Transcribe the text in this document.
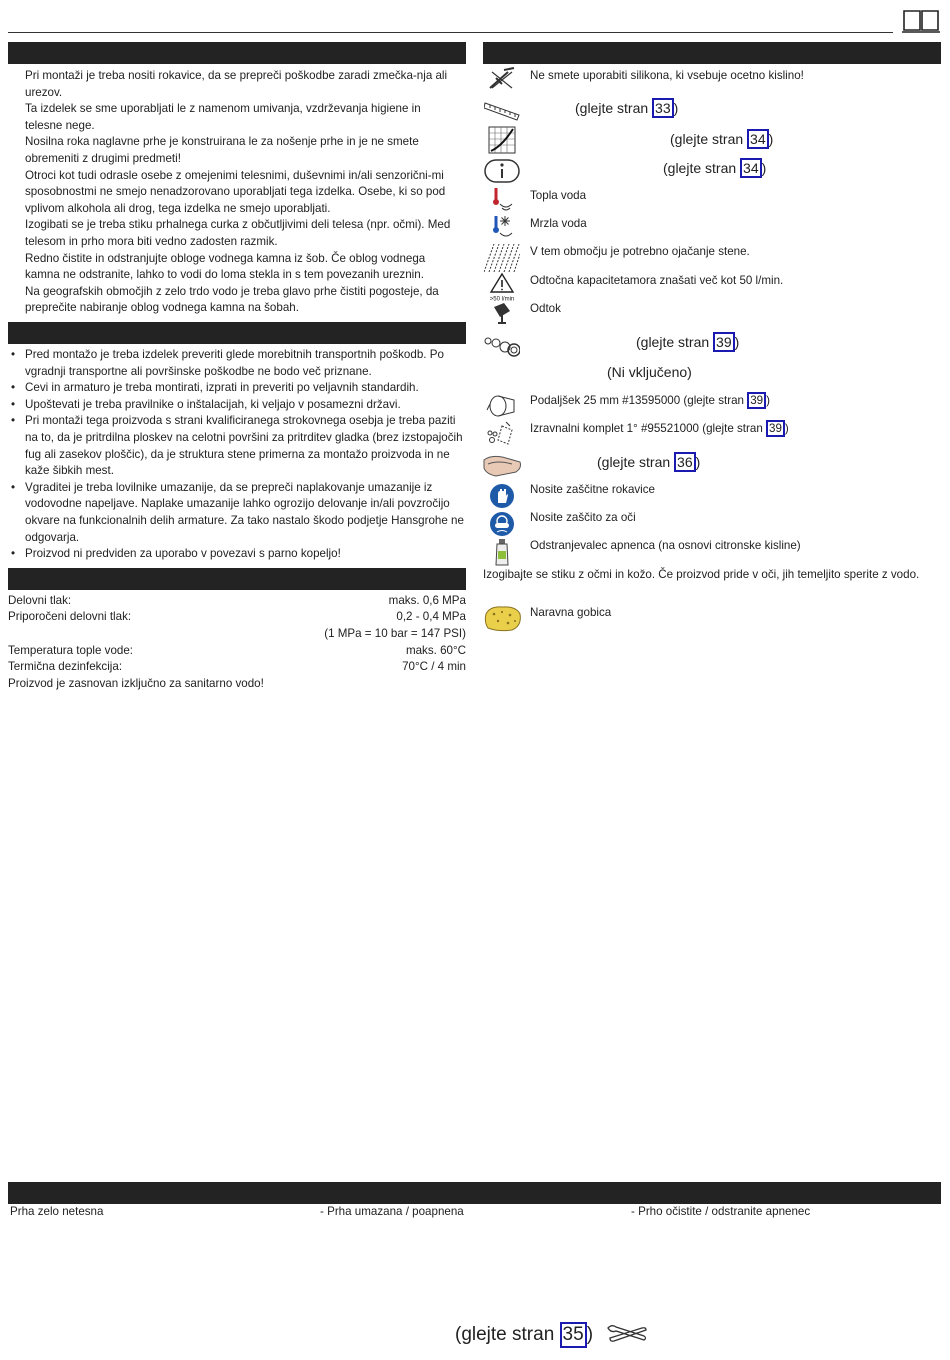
Pri montaži je treba nositi rokavice, da se prepreči poškodbe zaradi zmečka-nja ali urezov.

Ta izdelek se sme uporabljati le z namenom umivanja, vzdrževanja higiene in telesne nege.

Nosilna roka naglavne prhe je konstruirana le za nošenje prhe in je ne smete obremeniti z drugimi predmeti!

Otroci kot tudi odrasle osebe z omejenimi telesnimi, duševnimi in/ali senzorični-mi sposobnostmi ne smejo nenadzorovano uporabljati tega izdelka. Osebe, ki so pod vplivom alkohola ali drog, tega izdelka ne smejo uporabljati.

Izogibati se je treba stiku prhalnega curka z občutljivimi deli telesa (npr. očmi). Med telesom in prho mora biti vedno zadosten razmik.

Redno čistite in odstranjujte obloge vodnega kamna iz šob. Če oblog vodnega kamna ne odstranite, lahko to vodi do loma stekla in s tem povezanih ureznin.

Na geografskih območjih z zelo trdo vodo je treba glavo prhe čistiti pogosteje, da preprečite nabiranje oblog vodnega kamna na šobah.

• Pred montažo je treba izdelek preveriti glede morebitnih transportnih poškodb. Po vgradnji transportne ali površinske poškodbe ne bodo več priznane.

• Cevi in armaturo je treba montirati, izprati in preveriti po veljavnih standardih.

• Upoštevati je treba pravilnike o inštalacijah, ki veljajo v posamezni državi.

• Pri montaži tega proizvoda s strani kvalificiranega strokovnega osebja je treba paziti na to, da je pritrdilna ploskev na celotni površini za pritrditev gladka (brez izstopajočih fug ali zasekov ploščic), da je struktura stene primerna za montažo proizvoda in ne kaže šibkih mest.

• Vgraditei je treba lovilnike umazanije, da se prepreči naplakovanje umazanije iz vodovodne napeljave. Naplake umazanije lahko ogrozijo delovanje in/ali povzročijo okvare na funkcionalnih delih armature. Za tako nastalo škodo podjetje Hansgrohe ne odgovarja.

• Proizvod ni predviden za uporabo v povezavi s parno kopeljo!

Delovni tlak:	maks. 0,6 MPa
Priporočeni delovni tlak:	0,2 - 0,4 MPa
(1 MPa = 10 bar = 147 PSI)
Temperatura tople vode:	maks. 60°C
Termična dezinfekcija:	70°C / 4 min
Proizvod je zasnovan izključno za sanitarno vodo!
Ne smete uporabiti silikona, ki vsebuje ocetno kislino!
(glejte stran 33 )
(glejte stran 34 )
(glejte stran 34 )
Topla voda
Mrzla voda
V tem območju je potrebno ojačanje stene.
>50 l/min
Odtočna kapacitetamora znašati več kot 50 l/min.
Odtok
(glejte stran 39 )
(Ni vključeno)
Podaljšek 25 mm #13595000 (glejte stran 39 )
Izravnalni komplet 1° #95521000 (glejte stran 39 )
(glejte stran 36 )
Nosite zaščitne rokavice
Nosite zaščito za oči
Odstranjevalec apnenca (na osnovi citronske kisline)
Izogibajte se stiku z očmi in kožo. Če proizvod pride v oči, jih temeljito sperite z vodo.
Naravna gobica
Prha zelo netesna	- Prha umazana / poapnena	- Prho očistite / odstranite apnenec
(glejte stran 35 )
